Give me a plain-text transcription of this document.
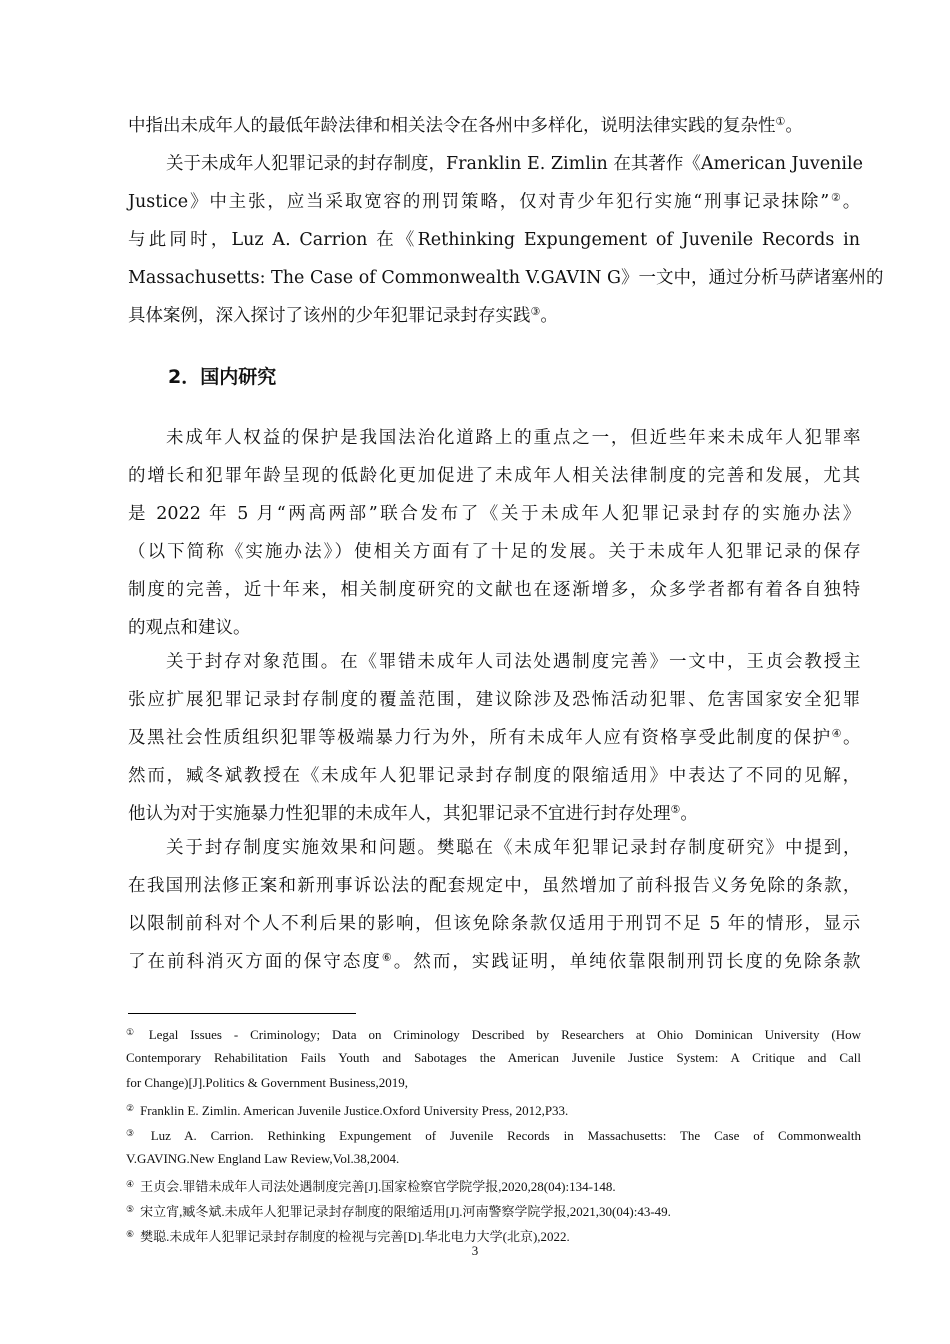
中指出未成年人的最低年龄法律和相关法令在各州中多样化，说明法律实践的复杂性①。
关于未成年人犯罪记录的封存制度，Franklin E. Zimlin 在其著作《American Juvenile
Justice》中主张，应当采取宽容的刑罚策略，仅对青少年犯行实施“刑事记录抹除”②。
与此同时，Luz A. Carrion 在《Rethinking Expungement of Juvenile Records in
Massachusetts: The Case of Commonwealth V.GAVIN G》一文中，通过分析马萨诸塞州的
具体案例，深入探讨了该州的少年犯罪记录封存实践③。
2．国内研究
未成年人权益的保护是我国法治化道路上的重点之一，但近些年来未成年人犯罪率
的增长和犯罪年龄呈现的低龄化更加促进了未成年人相关法律制度的完善和发展，尤其
是 2022 年 5 月“两高两部”联合发布了《关于未成年人犯罪记录封存的实施办法》
（以下简称《实施办法》）使相关方面有了十足的发展。关于未成年人犯罪记录的保存
制度的完善，近十年来，相关制度研究的文献也在逐渐增多，众多学者都有着各自独特
的观点和建议。
关于封存对象范围。在《罪错未成年人司法处遇制度完善》一文中，王贞会教授主
张应扩展犯罪记录封存制度的覆盖范围，建议除涉及恐怖活动犯罪、危害国家安全犯罪
及黑社会性质组织犯罪等极端暴力行为外，所有未成年人应有资格享受此制度的保护④。
然而，臧冬斌教授在《未成年人犯罪记录封存制度的限缩适用》中表达了不同的见解，
他认为对于实施暴力性犯罪的未成年人，其犯罪记录不宜进行封存处理⑤。
关于封存制度实施效果和问题。樊聪在《未成年犯罪记录封存制度研究》中提到，
在我国刑法修正案和新刑事诉讼法的配套规定中，虽然增加了前科报告义务免除的条款，
以限制前科对个人不利后果的影响，但该免除条款仅适用于刑罚不足 5 年的情形，显示
了在前科消灭方面的保守态度⑥。然而，实践证明，单纯依靠限制刑罚长度的免除条款
① Legal Issues - Criminology; Data on Criminology Described by Researchers at Ohio Dominican University (How
Contemporary Rehabilitation Fails Youth and Sabotages the American Juvenile Justice System: A Critique and Call
for Change)[J].Politics & Government Business,2019,
② Franklin E. Zimlin. American Juvenile Justice.Oxford University Press, 2012,P33.
③ Luz A. Carrion. Rethinking Expungement of Juvenile Records in Massachusetts: The Case of Commonwealth
V.GAVING.New England Law Review,Vol.38,2004.
④ 王贞会.罪错未成年人司法处遇制度完善[J].国家检察官学院学报,2020,28(04):134-148.
⑤ 宋立宵,臧冬斌.未成年人犯罪记录封存制度的限缩适用[J].河南警察学院学报,2021,30(04):43-49.
⑥ 樊聪.未成年人犯罪记录封存制度的检视与完善[D].华北电力大学(北京),2022.
3
